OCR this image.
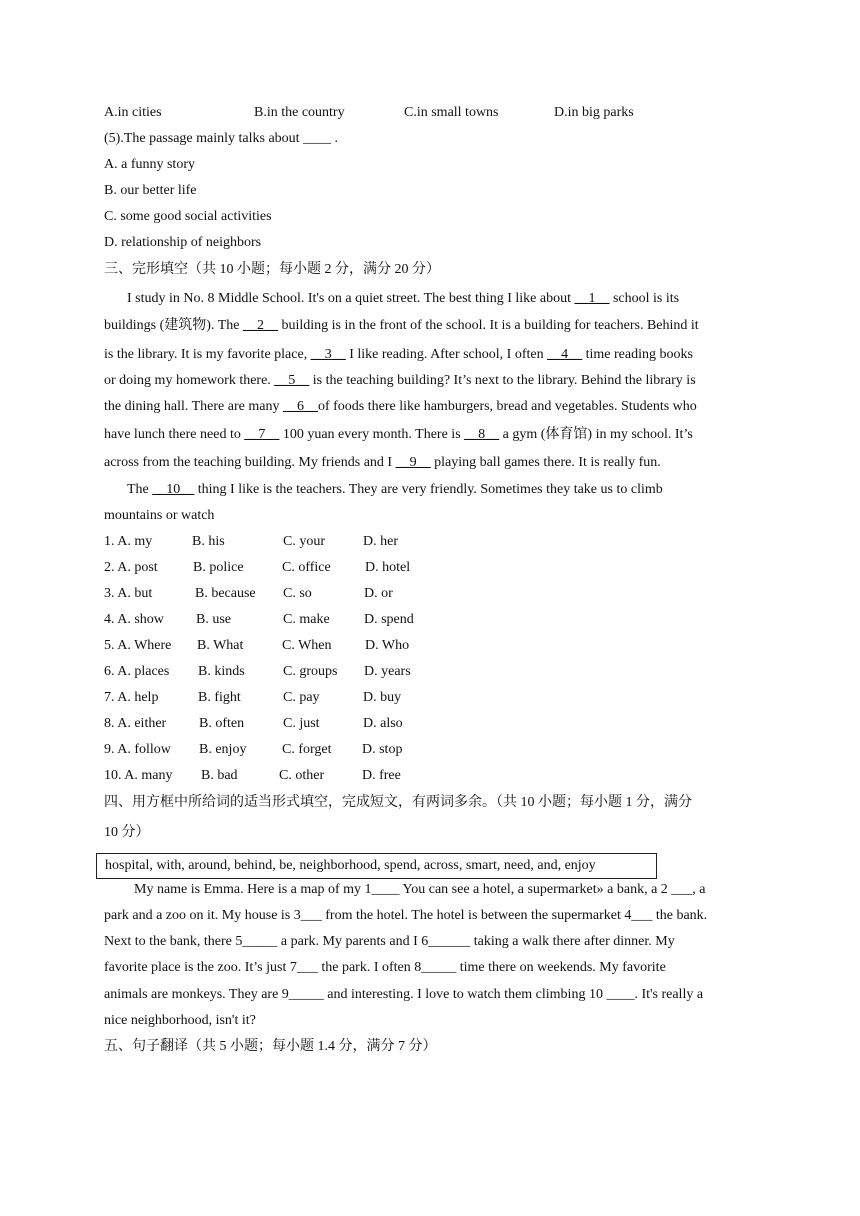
A.in cities	B.in the country	C.in small towns	D.in big parks
(5).The passage mainly talks about ____ .
A. a funny story
B. our better life
C. some good social activities
D. relationship of neighbors
三、完形填空（共 10 小题；每小题 2 分，满分 20 分）
I study in No. 8 Middle School. It's on a quiet street. The best thing I like about __1__ school is its
buildings (建筑物). The __2__ building is in the front of the school. It is a building for teachers. Behind it
is the library. It is my favorite place, __3__ I like reading. After school, I often __4__ time reading books
or doing my homework there. __5__ is the teaching building? It’s next to the library. Behind the library is
the dining hall. There are many __6__of foods there like hamburgers, bread and vegetables. Students who
have lunch there need to __7__ 100 yuan every month. There is __8__ a gym (体育馆) in my school. It’s
across from the teaching building. My friends and I __9__ playing ball games there. It is really fun.
The __10__ thing I like is the teachers. They are very friendly. Sometimes they take us to climb
mountains or watch
1. A. my	B. his	C. your	D. her
2. A. post	B. police	C. office D. hotel
3. A. but	B. because C. so	D. or
4. A. show B. use	C. make D. spend
5. A. Where B. What	C. When D. Who
6. A. places B. kinds	C. groups D. years
7. A. help	B. fight	C. pay	D. buy
8. A. either B. often	C. just	D. also
9. A. follow B. enjoy	C. forget D. stop
10. A. many B. bad	C. other	D. free
四、用方框中所给词的适当形式填空，完成短文，有两词多余。（共 10 小题；每小题 1 分，满分
10 分）
hospital, with, around, behind, be, neighborhood, spend, across, smart, need, and, enjoy
My name is Emma. Here is a map of my 1____ You can see a hotel, a supermarket» a bank, a 2 ___, a
park and a zoo on it. My house is 3___ from the hotel. The hotel is between the supermarket 4___ the bank.
Next to the bank, there 5_____ a park. My parents and I 6______ taking a walk there after dinner. My
favorite place is the zoo. It’s just 7___ the park. I often 8_____ time there on weekends. My favorite
animals are monkeys. They are 9_____ and interesting. I love to watch them climbing 10 ____. It's really a
nice neighborhood, isn't it?
五、句子翻译（共 5 小题；每小题 1.4 分，满分 7 分）
